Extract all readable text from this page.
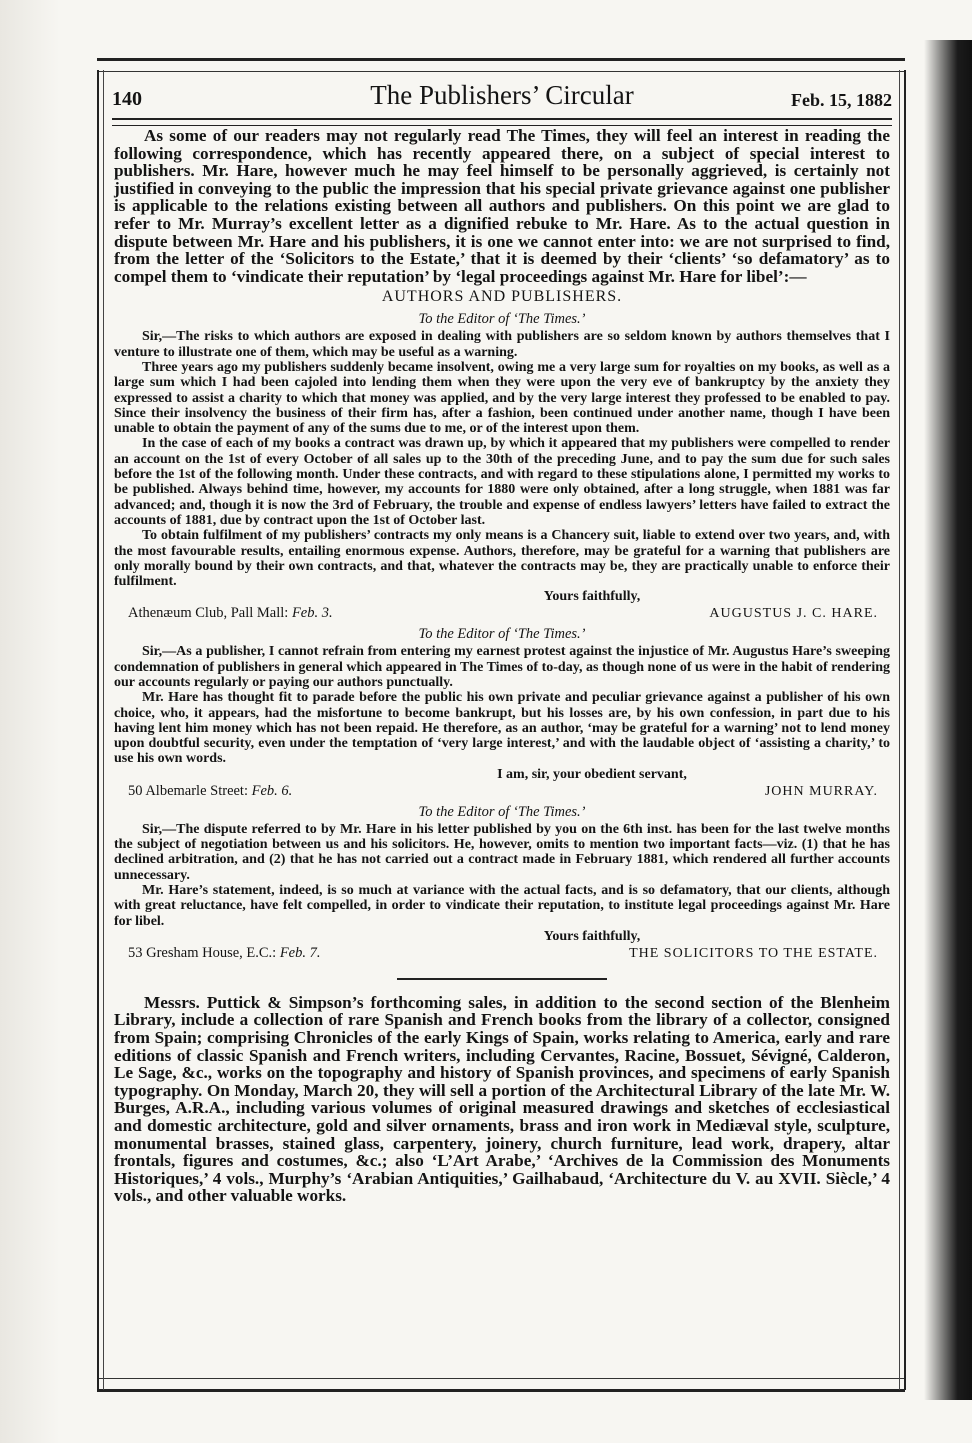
140	The Publishers’ Circular	Feb. 15, 1882

As some of our readers may not regularly read The Times, they will feel an interest in reading the following correspondence, which has recently appeared there, on a subject of special interest to publishers. Mr. Hare, however much he may feel himself to be personally aggrieved, is certainly not justified in conveying to the public the impression that his special private grievance against one publisher is applicable to the relations existing between all authors and publishers. On this point we are glad to refer to Mr. Murray’s excellent letter as a dignified rebuke to Mr. Hare. As to the actual question in dispute between Mr. Hare and his publishers, it is one we cannot enter into: we are not surprised to find, from the letter of the ‘Solicitors to the Estate,’ that it is deemed by their ‘clients’ ‘so defamatory’ as to compel them to ‘vindicate their reputation’ by ‘legal proceedings against Mr. Hare for libel’:—

AUTHORS AND PUBLISHERS.
To the Editor of ‘The Times.’

Sir,—The risks to which authors are exposed in dealing with publishers are so seldom known by authors themselves that I venture to illustrate one of them, which may be useful as a warning.

Three years ago my publishers suddenly became insolvent, owing me a very large sum for royalties on my books, as well as a large sum which I had been cajoled into lending them when they were upon the very eve of bankruptcy by the anxiety they expressed to assist a charity to which that money was applied, and by the very large interest they professed to be enabled to pay. Since their insolvency the business of their firm has, after a fashion, been continued under another name, though I have been unable to obtain the payment of any of the sums due to me, or of the interest upon them.

In the case of each of my books a contract was drawn up, by which it appeared that my publishers were compelled to render an account on the 1st of every October of all sales up to the 30th of the preceding June, and to pay the sum due for such sales before the 1st of the following month. Under these contracts, and with regard to these stipulations alone, I permitted my works to be published. Always behind time, however, my accounts for 1880 were only obtained, after a long struggle, when 1881 was far advanced; and, though it is now the 3rd of February, the trouble and expense of endless lawyers’ letters have failed to extract the accounts of 1881, due by contract upon the 1st of October last.

To obtain fulfilment of my publishers’ contracts my only means is a Chancery suit, liable to extend over two years, and, with the most favourable results, entailing enormous expense. Authors, therefore, may be grateful for a warning that publishers are only morally bound by their own contracts, and that, whatever the contracts may be, they are practically unable to enforce their fulfilment.

Yours faithfully,
Athenæum Club, Pall Mall: Feb. 3.	AUGUSTUS J. C. HARE.
To the Editor of ‘The Times.’

Sir,—As a publisher, I cannot refrain from entering my earnest protest against the injustice of Mr. Augustus Hare’s sweeping condemnation of publishers in general which appeared in The Times of to-day, as though none of us were in the habit of rendering our accounts regularly or paying our authors punctually.

Mr. Hare has thought fit to parade before the public his own private and peculiar grievance against a publisher of his own choice, who, it appears, had the misfortune to become bankrupt, but his losses are, by his own confession, in part due to his having lent him money which has not been repaid. He therefore, as an author, ‘may be grateful for a warning’ not to lend money upon doubtful security, even under the temptation of ‘very large interest,’ and with the laudable object of ‘assisting a charity,’ to use his own words.

I am, sir, your obedient servant,
50 Albemarle Street: Feb. 6.	JOHN MURRAY.
To the Editor of ‘The Times.’

Sir,—The dispute referred to by Mr. Hare in his letter published by you on the 6th inst. has been for the last twelve months the subject of negotiation between us and his solicitors. He, however, omits to mention two important facts—viz. (1) that he has declined arbitration, and (2) that he has not carried out a contract made in February 1881, which rendered all further accounts unnecessary.

Mr. Hare’s statement, indeed, is so much at variance with the actual facts, and is so defamatory, that our clients, although with great reluctance, have felt compelled, in order to vindicate their reputation, to institute legal proceedings against Mr. Hare for libel.

Yours faithfully,
53 Gresham House, E.C.: Feb. 7.	THE SOLICITORS TO THE ESTATE.

Messrs. Puttick & Simpson’s forthcoming sales, in addition to the second section of the Blenheim Library, include a collection of rare Spanish and French books from the library of a collector, consigned from Spain; comprising Chronicles of the early Kings of Spain, works relating to America, early and rare editions of classic Spanish and French writers, including Cervantes, Racine, Bossuet, Sévigné, Calderon, Le Sage, &c., works on the topography and history of Spanish provinces, and specimens of early Spanish typography. On Monday, March 20, they will sell a portion of the Architectural Library of the late Mr. W. Burges, A.R.A., including various volumes of original measured drawings and sketches of ecclesiastical and domestic architecture, gold and silver ornaments, brass and iron work in Mediæval style, sculpture, monumental brasses, stained glass, carpentery, joinery, church furniture, lead work, drapery, altar frontals, figures and costumes, &c.; also ‘L’Art Arabe,’ ‘Archives de la Commission des Monuments Historiques,’ 4 vols., Murphy’s ‘Arabian Antiquities,’ Gailhabaud, ‘Architecture du V. au XVII. Siècle,’ 4 vols., and other valuable works.
